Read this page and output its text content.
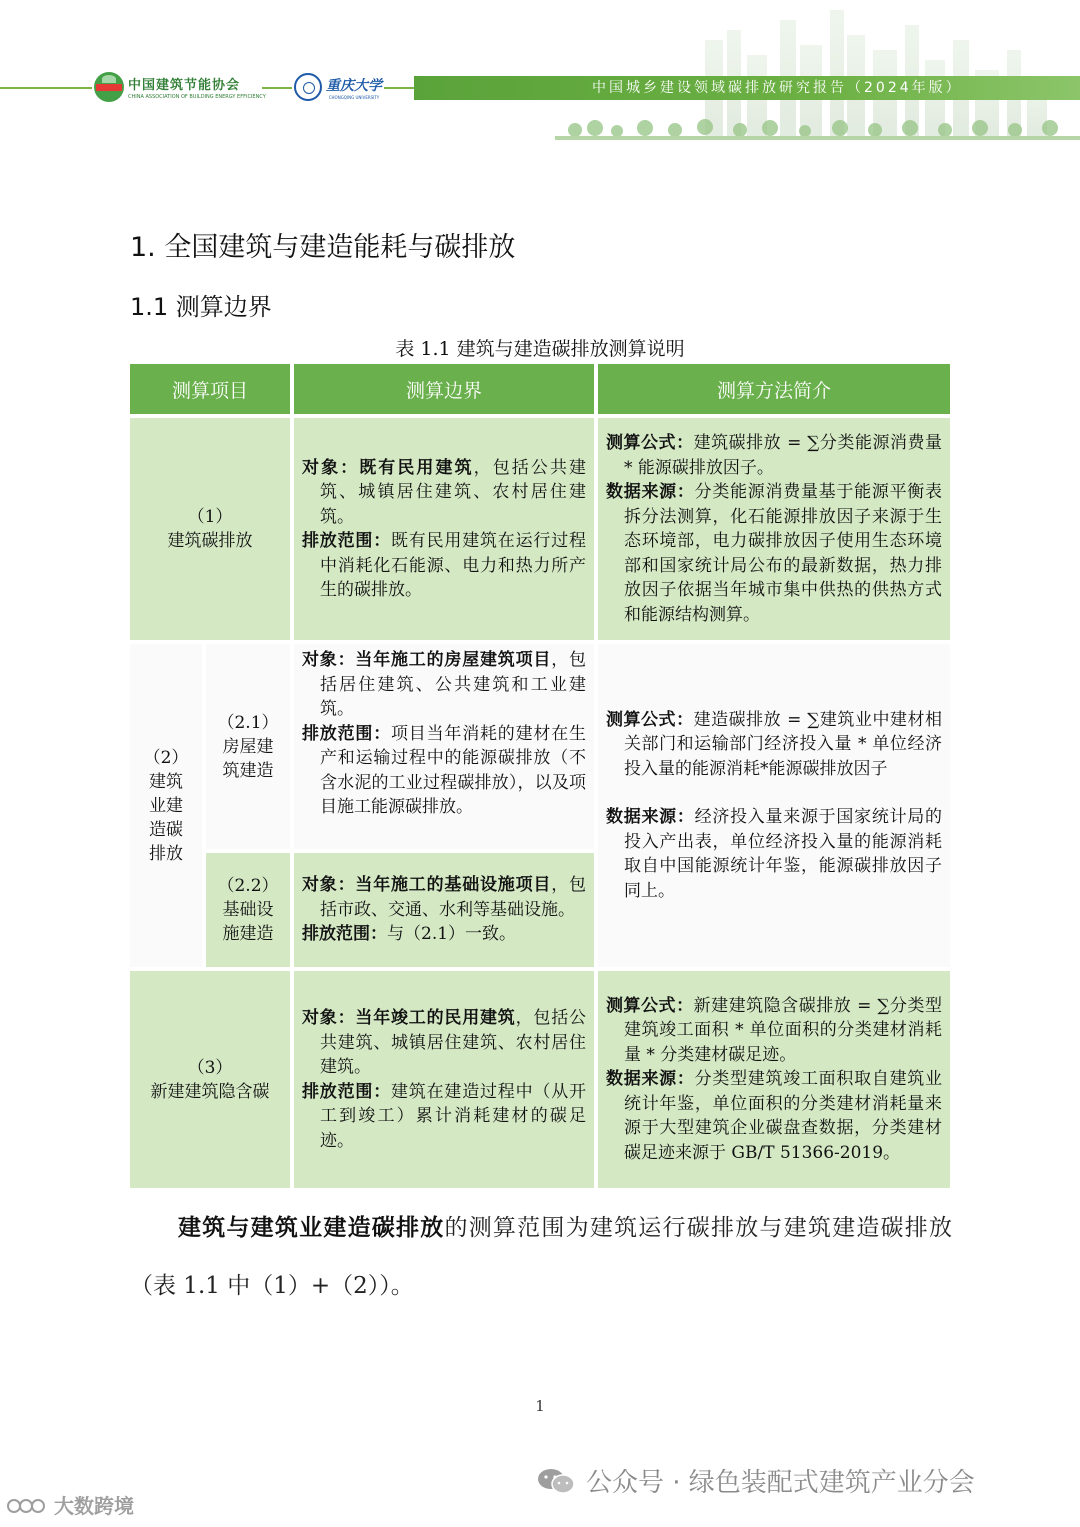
中国建筑节能协会
CHINA ASSOCIATION OF BUILDING ENERGY EFFICIENCY
重庆大学
CHONGQING UNIVERSITY
中国城乡建设领域碳排放研究报告（2024年版）
1. 全国建筑与建造能耗与碳排放
1.1 测算边界
表 1.1 建筑与建造碳排放测算说明
测算项目	测算边界	测算方法简介
（1）
建筑碳排放

对象：既有民用建筑，包括公共建筑、城镇居住建筑、农村居住建筑。

排放范围：既有民用建筑在运行过程中消耗化石能源、电力和热力所产生的碳排放。

测算公式：建筑碳排放 = ∑分类能源消费量 * 能源碳排放因子。

数据来源：分类能源消费量基于能源平衡表拆分法测算，化石能源排放因子来源于生态环境部，电力碳排放因子使用生态环境部和国家统计局公布的最新数据，热力排放因子依据当年城市集中供热的供热方式和能源结构测算。

（2）
建筑业建造碳排放
（2.1）
房屋建筑建造

对象：当年施工的房屋建筑项目，包括居住建筑、公共建筑和工业建筑。

排放范围：项目当年消耗的建材在生产和运输过程中的能源碳排放（不含水泥的工业过程碳排放），以及项目施工能源碳排放。

（2.2）
基础设施建造

对象：当年施工的基础设施项目，包括市政、交通、水利等基础设施。

排放范围：与（2.1）一致。

测算公式：建造碳排放 = ∑建筑业中建材相关部门和运输部门经济投入量 * 单位经济投入量的能源消耗*能源碳排放因子

数据来源：经济投入量来源于国家统计局的投入产出表，单位经济投入量的能源消耗取自中国能源统计年鉴，能源碳排放因子同上。

（3）
新建建筑隐含碳

对象：当年竣工的民用建筑，包括公共建筑、城镇居住建筑、农村居住建筑。

排放范围：建筑在建造过程中（从开工到竣工）累计消耗建材的碳足迹。

测算公式：新建建筑隐含碳排放 = ∑分类型建筑竣工面积 * 单位面积的分类建材消耗量 * 分类建材碳足迹。

数据来源：分类型建筑竣工面积取自建筑业统计年鉴，单位面积的分类建材消耗量来源于大型建筑企业碳盘查数据，分类建材碳足迹来源于 GB/T 51366-2019。

建筑与建筑业建造碳排放的测算范围为建筑运行碳排放与建筑建造碳排放（表 1.1 中（1）+（2））。
1
公众号 · 绿色装配式建筑产业分会
大数跨境
